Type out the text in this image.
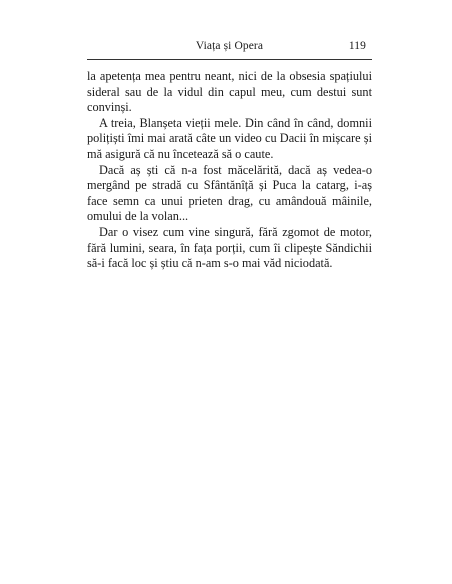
Viața și Opera	119

la apetența mea pentru neant, nici de la obsesia spațiului sideral sau de la vidul din capul meu, cum destui sunt convinși.

A treia, Blanșeta vieții mele. Din când în când, domnii polițiști îmi mai arată câte un video cu Dacii în mișcare și mă asigură că nu încetează să o caute.

Dacă aș ști că n-a fost măcelărită, dacă aș vedea-o mergând pe stradă cu Sfântănîță și Puca la catarg, i-aș face semn ca unui prieten drag, cu amândouă mâinile, omului de la volan...

Dar o visez cum vine singură, fără zgomot de motor, fără lumini, seara, în fața porții, cum îi clipește Săndichii să-i facă loc și știu că n-am s-o mai văd niciodată.
